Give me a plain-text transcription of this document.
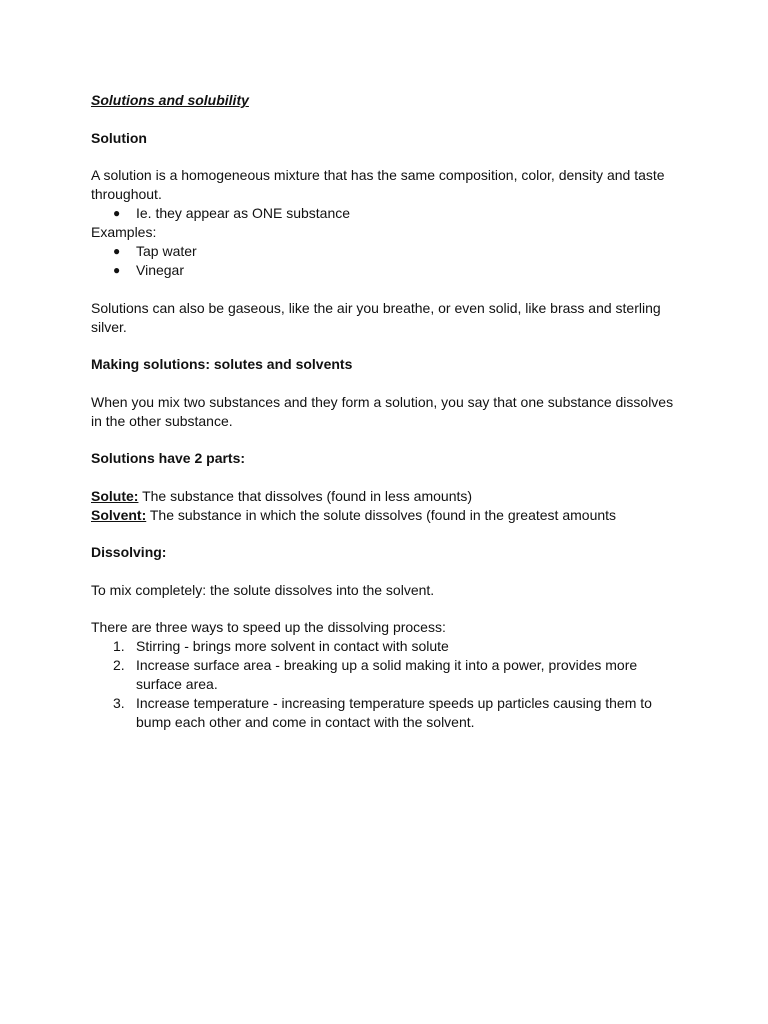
Solutions and solubility
Solution
A solution is a homogeneous mixture that has the same composition, color, density and taste throughout.
● Ie. they appear as ONE substance
Examples:
● Tap water
● Vinegar
Solutions can also be gaseous, like the air you breathe, or even solid, like brass and sterling silver.
Making solutions: solutes and solvents
When you mix two substances and they form a solution, you say that one substance dissolves in the other substance.
Solutions have 2 parts:
Solute: The substance that dissolves (found in less amounts)
Solvent: The substance in which the solute dissolves (found in the greatest amounts
Dissolving:
To mix completely: the solute dissolves into the solvent.
There are three ways to speed up the dissolving process:
1. Stirring - brings more solvent in contact with solute
2. Increase surface area - breaking up a solid making it into a power, provides more surface area.
3. Increase temperature - increasing temperature speeds up particles causing them to bump each other and come in contact with the solvent.
